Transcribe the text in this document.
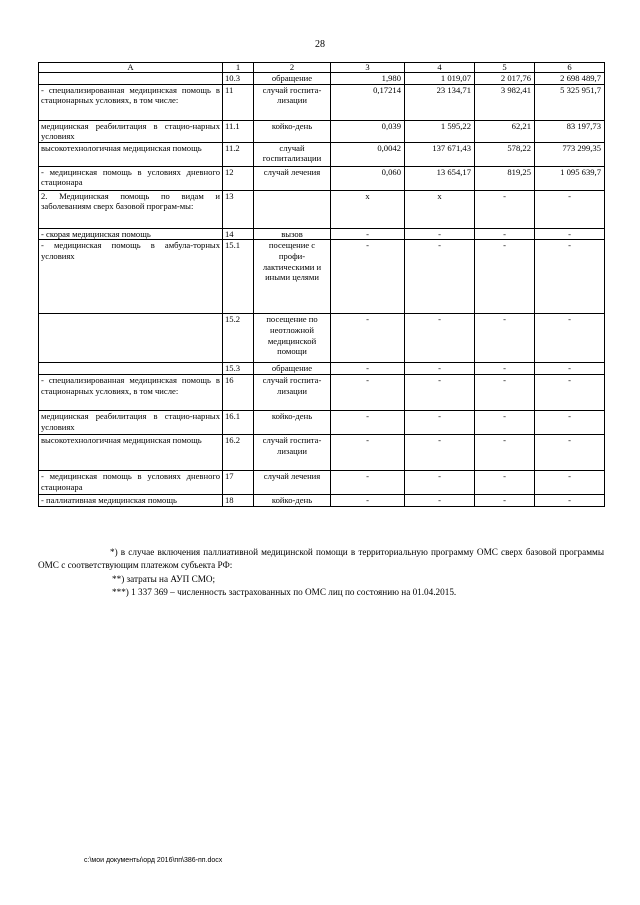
28
А	1	2	3	4	5	6
	10.3	обращение	1,980	1 019,07	2 017,76	2 698 489,7
- специализированная медицинская помощь в стационарных условиях, в том числе:	11	случай госпита-лизации	0,17214	23 134,71	3 982,41	5 325 951,7
медицинская реабилитация в стацио-нарных условиях	11.1	койко-день	0,039	1 595,22	62,21	83 197,73
высокотехнологичная медицинская помощь	11.2	случай госпитализации	0,0042	137 671,43	578,22	773 299,35
- медицинская помощь в условиях дневного стационара	12	случай лечения	0,060	13 654,17	819,25	1 095 639,7
2. Медицинская помощь по видам и заболеваниям сверх базовой програм-мы:	13		х	х	-	-
- скорая медицинская помощь	14	вызов	-	-	-	-
- медицинская помощь в амбула-торных условиях	15.1	посещение с профи-лактическими и иными целями	-	-	-	-
	15.2	посещение по неотложной медицинской помощи	-	-	-	-
	15.3	обращение	-	-	-	-
- специализированная медицинская помощь в стационарных условиях, в том числе:	16	случай госпита-лизации	-	-	-	-
медицинская реабилитация в стацио-нарных условиях	16.1	койко-день	-	-	-	-
высокотехнологичная медицинская помощь	16.2	случай госпита-лизации	-	-	-	-
- медицинская помощь в условиях дневного стационара	17	случай лечения	-	-	-	-
- паллиативная медицинская помощь	18	койко-день	-	-	-	-

*) в случае включения паллиативной медицинской помощи в территориальную программу ОМС сверх базовой программы ОМС с соответствующим платежом субъекта РФ:

**) затраты на АУП СМО;

***) 1 337 369 – численность застрахованных по ОМС лиц по состоянию на 01.04.2015.

c:\мои документы\орд 2016\пп\386-пп.docx
